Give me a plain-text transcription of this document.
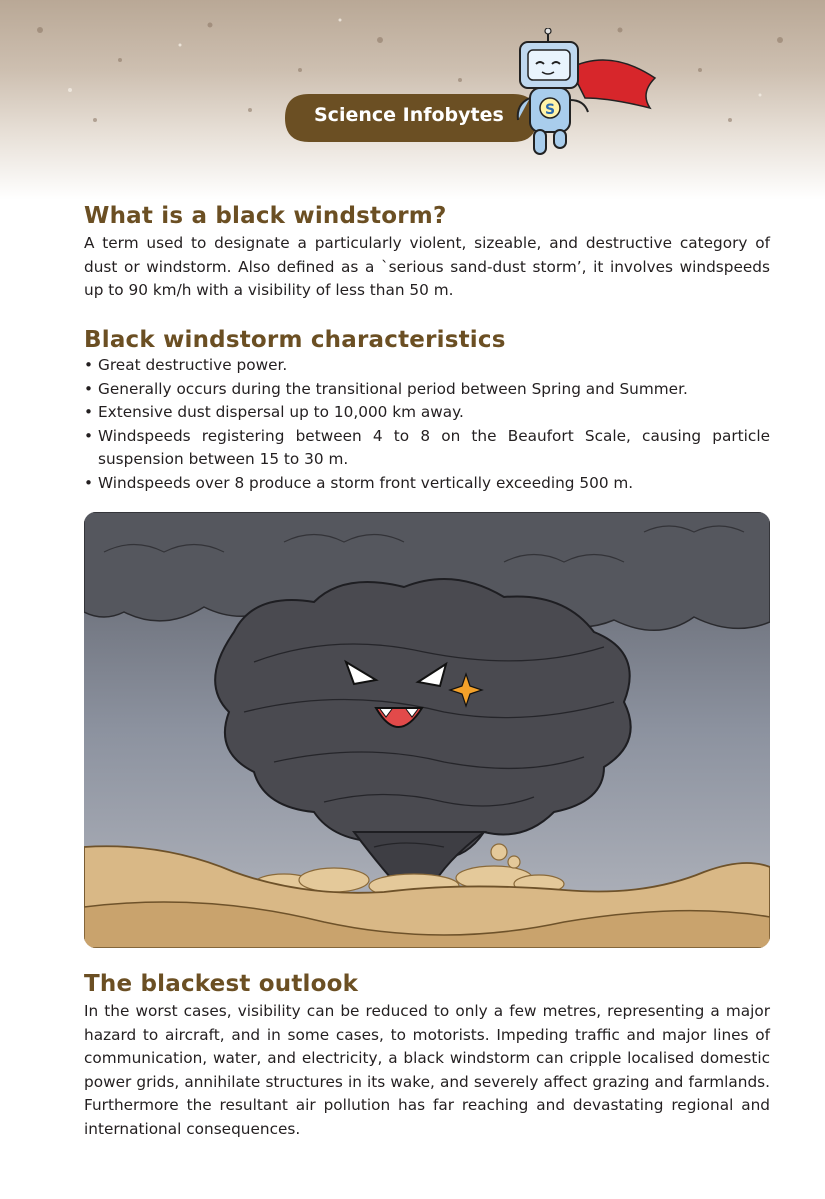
Science Infobytes	S
What is a black windstorm?

A term used to designate a particularly violent, sizeable, and destructive category of dust or windstorm. Also defined as a `serious sand-dust storm’, it involves windspeeds up to 90 km/h with a visibility of less than 50 m.

Black windstorm characteristics
• Great destructive power.
• Generally occurs during the transitional period between Spring and Summer.
• Extensive dust dispersal up to 10,000 km away.
• Windspeeds registering between 4 to 8 on the Beaufort Scale, causing particle suspension between 15 to 30 m.
• Windspeeds over 8 produce a storm front vertically exceeding 500 m.
The blackest outlook

In the worst cases, visibility can be reduced to only a few metres, representing a major hazard to aircraft, and in some cases, to motorists. Impeding traffic and major lines of communication, water, and electricity, a black windstorm can cripple localised domestic power grids, annihilate structures in its wake, and severely affect grazing and farmlands. Furthermore the resultant air pollution has far reaching and devastating regional and international consequences.
